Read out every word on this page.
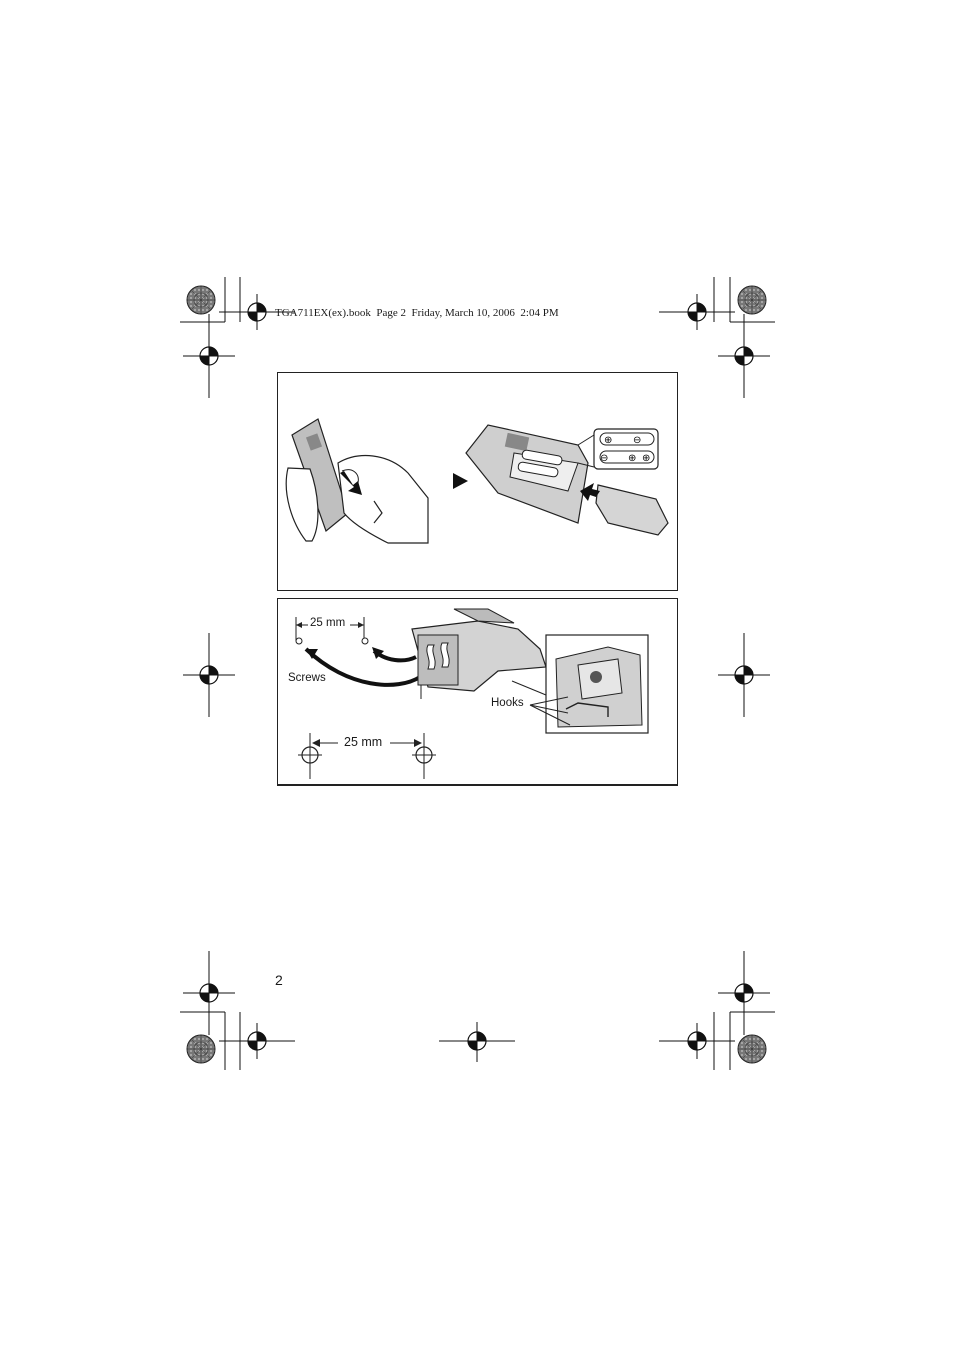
TGA711EX(ex).book  Page 2  Friday, March 10, 2006  2:04 PM
⊕ ⊖
⊖ ⊕ ⊕
25 mm
Screws
Hooks
25 mm
2
